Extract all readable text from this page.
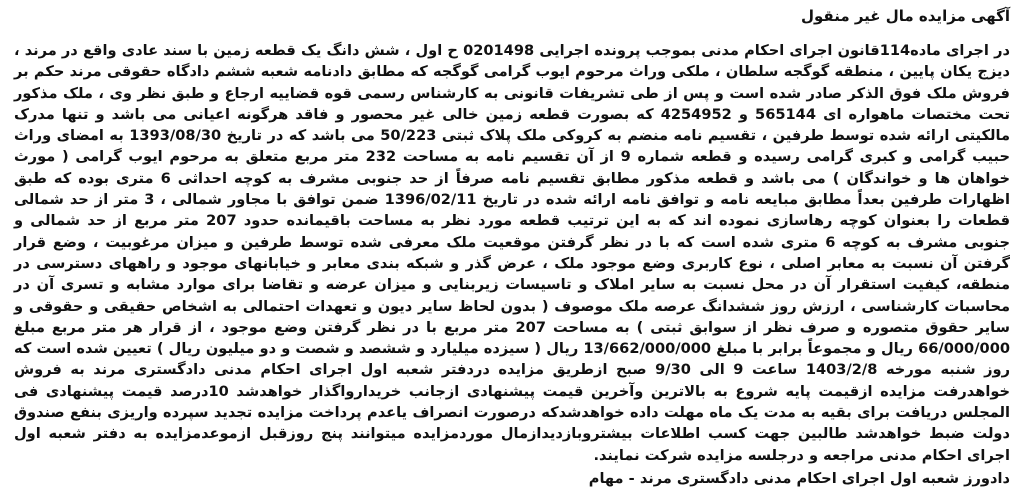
آگهی مزایده مال غیر منقول

در اجرای ماده114قانون اجرای احکام مدنی بموجب پرونده اجرایی 0201498 ح اول ، شش دانگ یک قطعه زمین با سند عادی واقع در مرند ، دیزج یکان پایین ، منطقه گوگجه سلطان ، ملکی وراث مرحوم ایوب گرامی گوگجه که مطابق دادنامه شعبه ششم دادگاه حقوقی مرند حکم بر فروش ملک فوق الذکر صادر شده است و پس از طی تشریفات قانونی به کارشناس رسمی قوه قضاییه ارجاع و طبق نظر وی ، ملک مذکور تحت مختصات ماهواره ای 565144 و 4254952 که بصورت قطعه زمین خالی غیر محصور و فاقد هرگونه اعیانی می باشد و تنها مدرک مالکیتی ارائه شده توسط طرفین ، تقسیم نامه منضم به کروکی ملک پلاک ثبتی 50/223 می باشد که در تاریخ 1393/08/30 به امضای وراث حبیب گرامی و کبری گرامی رسیده و قطعه شماره 9 از آن تقسیم نامه به مساحت 232 متر مربع متعلق به مرحوم ایوب گرامی ( مورث خواهان ها و خواندگان ) می باشد و قطعه مذکور مطابق تقسیم نامه صرفاً از حد جنوبی مشرف به کوچه احداثی 6 متری بوده که طبق اظهارات طرفین بعداً مطابق مبایعه نامه و توافق نامه ارائه شده در تاریخ 1396/02/11 ضمن توافق با مجاور شمالی ، 3 متر از حد شمالی قطعات را بعنوان کوچه رهاسازی نموده اند که به این ترتیب قطعه مورد نظر به مساحت باقیمانده حدود 207 متر مربع از حد شمالی و جنوبی مشرف به کوچه 6 متری شده است که با در نظر گرفتن موقعیت ملک معرفی شده توسط طرفین و میزان مرغوبیت ، وضع قرار گرفتن آن نسبت به معابر اصلی ، نوع کاربری وضع موجود ملک ، عرض گذر و شبکه بندی معابر و خیابانهای موجود و راههای دسترسی در منطقه، کیفیت استقرار آن در محل نسبت به سایر املاک و تاسیسات زیربنایی و میزان عرضه و تقاضا برای موارد مشابه و تسری آن در محاسبات کارشناسی ، ارزش روز ششدانگ عرصه ملک موصوف ( بدون لحاظ سایر دیون و تعهدات احتمالی به اشخاص حقیقی و حقوقی و سایر حقوق متصوره و صرف نظر از سوابق ثبتی ) به مساحت 207 متر مربع با در نظر گرفتن وضع موجود ، از قرار هر متر مربع مبلغ 66/000/000 ریال و مجموعاً برابر با مبلغ 13/662/000/000 ریال ( سیزده میلیارد و ششصد و شصت و دو میلیون ریال ) تعیین شده است که روز شنبه مورخه 1403/2/8 ساعت 9 الی 9/30 صبح ازطریق مزایده دردفتر شعبه اول اجرای احکام مدنی دادگستری مرند به فروش خواهدرفت مزایده ازقیمت پایه شروع به بالاترین وآخرین قیمت پیشنهادی ازجانب خریدارواگذار خواهدشد 10درصد قیمت پیشنهادی فی المجلس دریافت برای بقیه به مدت یک ماه مهلت داده خواهدشدکه درصورت انصراف یاعدم پرداخت مزایده تجدید سپرده واریزی بنفع صندوق دولت ضبط خواهدشد طالبین جهت کسب اطلاعات بیشتروبازدیدازمال موردمزایده میتوانند پنج روزقبل ازموعدمزایده به دفتر شعبه اول اجرای احکام مدنی مراجعه و درجلسه مزایده شرکت نمایند.

دادورز شعبه اول اجرای احکام مدنی دادگستری مرند - مهام
